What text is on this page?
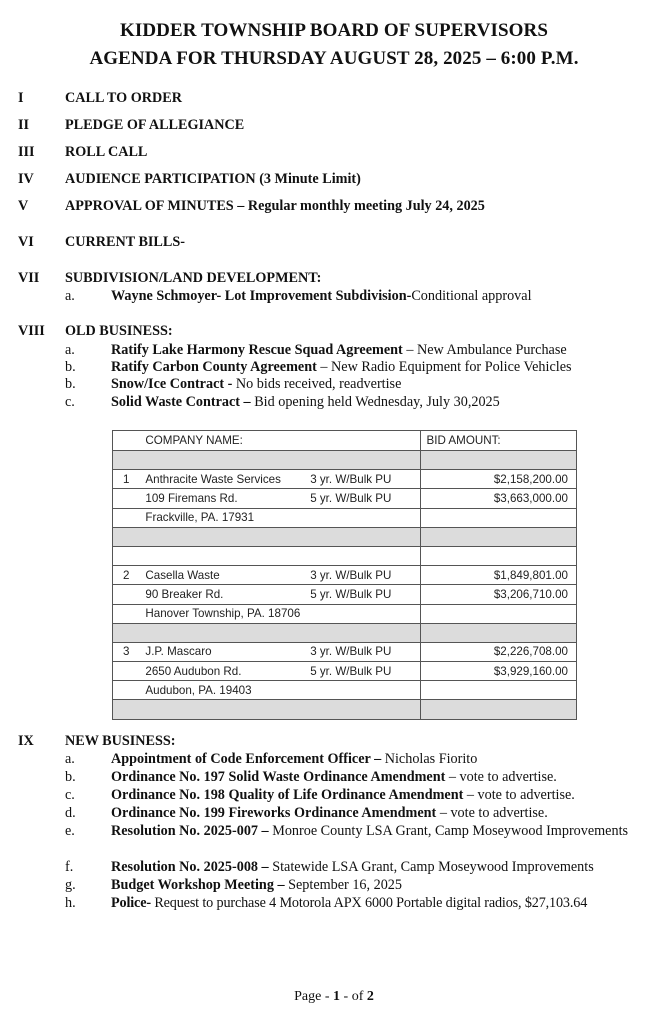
KIDDER TOWNSHIP BOARD OF SUPERVISORS
AGENDA FOR THURSDAY AUGUST 28, 2025 – 6:00 P.M.
I	CALL TO ORDER
II	PLEDGE OF ALLEGIANCE
III ROLL CALL
IV AUDIENCE PARTICIPATION (3 Minute Limit)
V	APPROVAL OF MINUTES – Regular monthly meeting July 24, 2025
VI CURRENT BILLS-
VII SUBDIVISION/LAND DEVELOPMENT:
a.	Wayne Schmoyer- Lot Improvement Subdivision-Conditional approval
VIII OLD BUSINESS:
a.	Ratify Lake Harmony Rescue Squad Agreement – New Ambulance Purchase
b. Ratify Carbon County Agreement – New Radio Equipment for Police Vehicles
b. Snow/Ice Contract - No bids received, readvertise
c.	Solid Waste Contract – Bid opening held Wednesday, July 30,2025
	COMPANY NAME:		BID AMOUNT:

1	Anthracite Waste Services	3 yr. W/Bulk PU	$2,158,200.00
	109 Firemans Rd.	5 yr. W/Bulk PU	$3,663,000.00
	Frackville, PA. 17931		

2	Casella Waste	3 yr. W/Bulk PU	$1,849,801.00
	90 Breaker Rd.	5 yr. W/Bulk PU	$3,206,710.00
	Hanover Township, PA. 18706		

3	J.P. Mascaro	3 yr. W/Bulk PU	$2,226,708.00
	2650 Audubon Rd.	5 yr. W/Bulk PU	$3,929,160.00
	Audubon, PA. 19403		

IX NEW BUSINESS:
a.	Appointment of Code Enforcement Officer – Nicholas Fiorito
b. Ordinance No. 197 Solid Waste Ordinance Amendment – vote to advertise.
c.	Ordinance No. 198 Quality of Life Ordinance Amendment – vote to advertise.
d. Ordinance No. 199 Fireworks Ordinance Amendment – vote to advertise.
e.	Resolution No. 2025-007 – Monroe County LSA Grant, Camp Moseywood Improvements
f.	Resolution No. 2025-008 – Statewide LSA Grant, Camp Moseywood Improvements
g. Budget Workshop Meeting – September 16, 2025
h. Police- Request to purchase 4 Motorola APX 6000 Portable digital radios, $27,103.64
Page - 1 - of 2
